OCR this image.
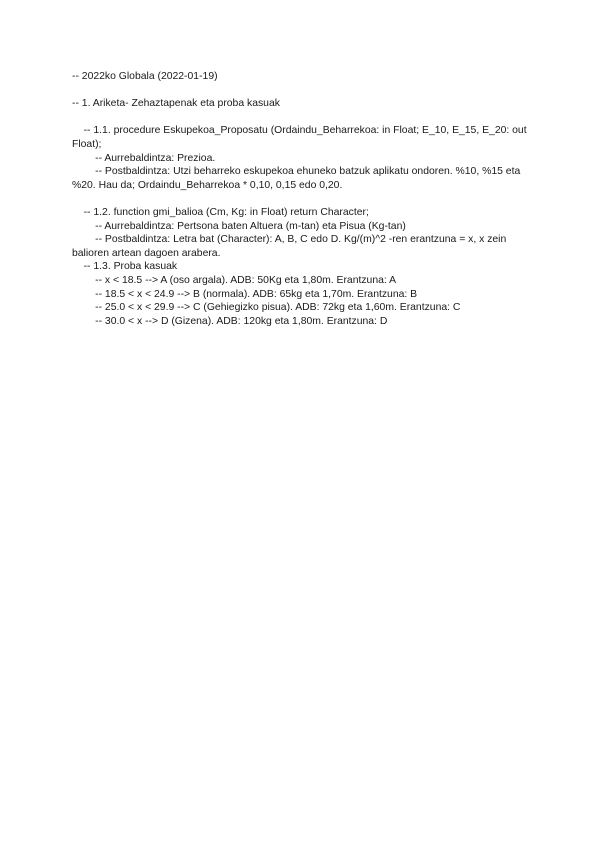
-- 2022ko Globala (2022-01-19)
-- 1. Ariketa- Zehaztapenak eta proba kasuak
-- 1.1. procedure Eskupekoa_Proposatu (Ordaindu_Beharrekoa: in Float; E_10, E_15, E_20: out Float);
-- Aurrebaldintza: Prezioa.
-- Postbaldintza: Utzi beharreko eskupekoa ehuneko batzuk aplikatu ondoren. %10, %15 eta %20. Hau da; Ordaindu_Beharrekoa * 0,10, 0,15 edo 0,20.
-- 1.2. function gmi_balioa (Cm, Kg: in Float) return Character;
-- Aurrebaldintza: Pertsona baten Altuera (m-tan) eta Pisua (Kg-tan)
-- Postbaldintza: Letra bat (Character): A, B, C edo D. Kg/(m)^2 -ren erantzuna = x, x zein balioren artean dagoen arabera.
-- 1.3. Proba kasuak
-- x < 18.5 --> A (oso argala). ADB: 50Kg eta 1,80m. Erantzuna: A
-- 18.5 < x < 24.9 --> B (normala). ADB: 65kg eta 1,70m. Erantzuna: B
-- 25.0 < x < 29.9 --> C (Gehiegizko pisua). ADB: 72kg eta 1,60m. Erantzuna: C
-- 30.0 < x --> D (Gizena). ADB: 120kg eta 1,80m. Erantzuna: D
